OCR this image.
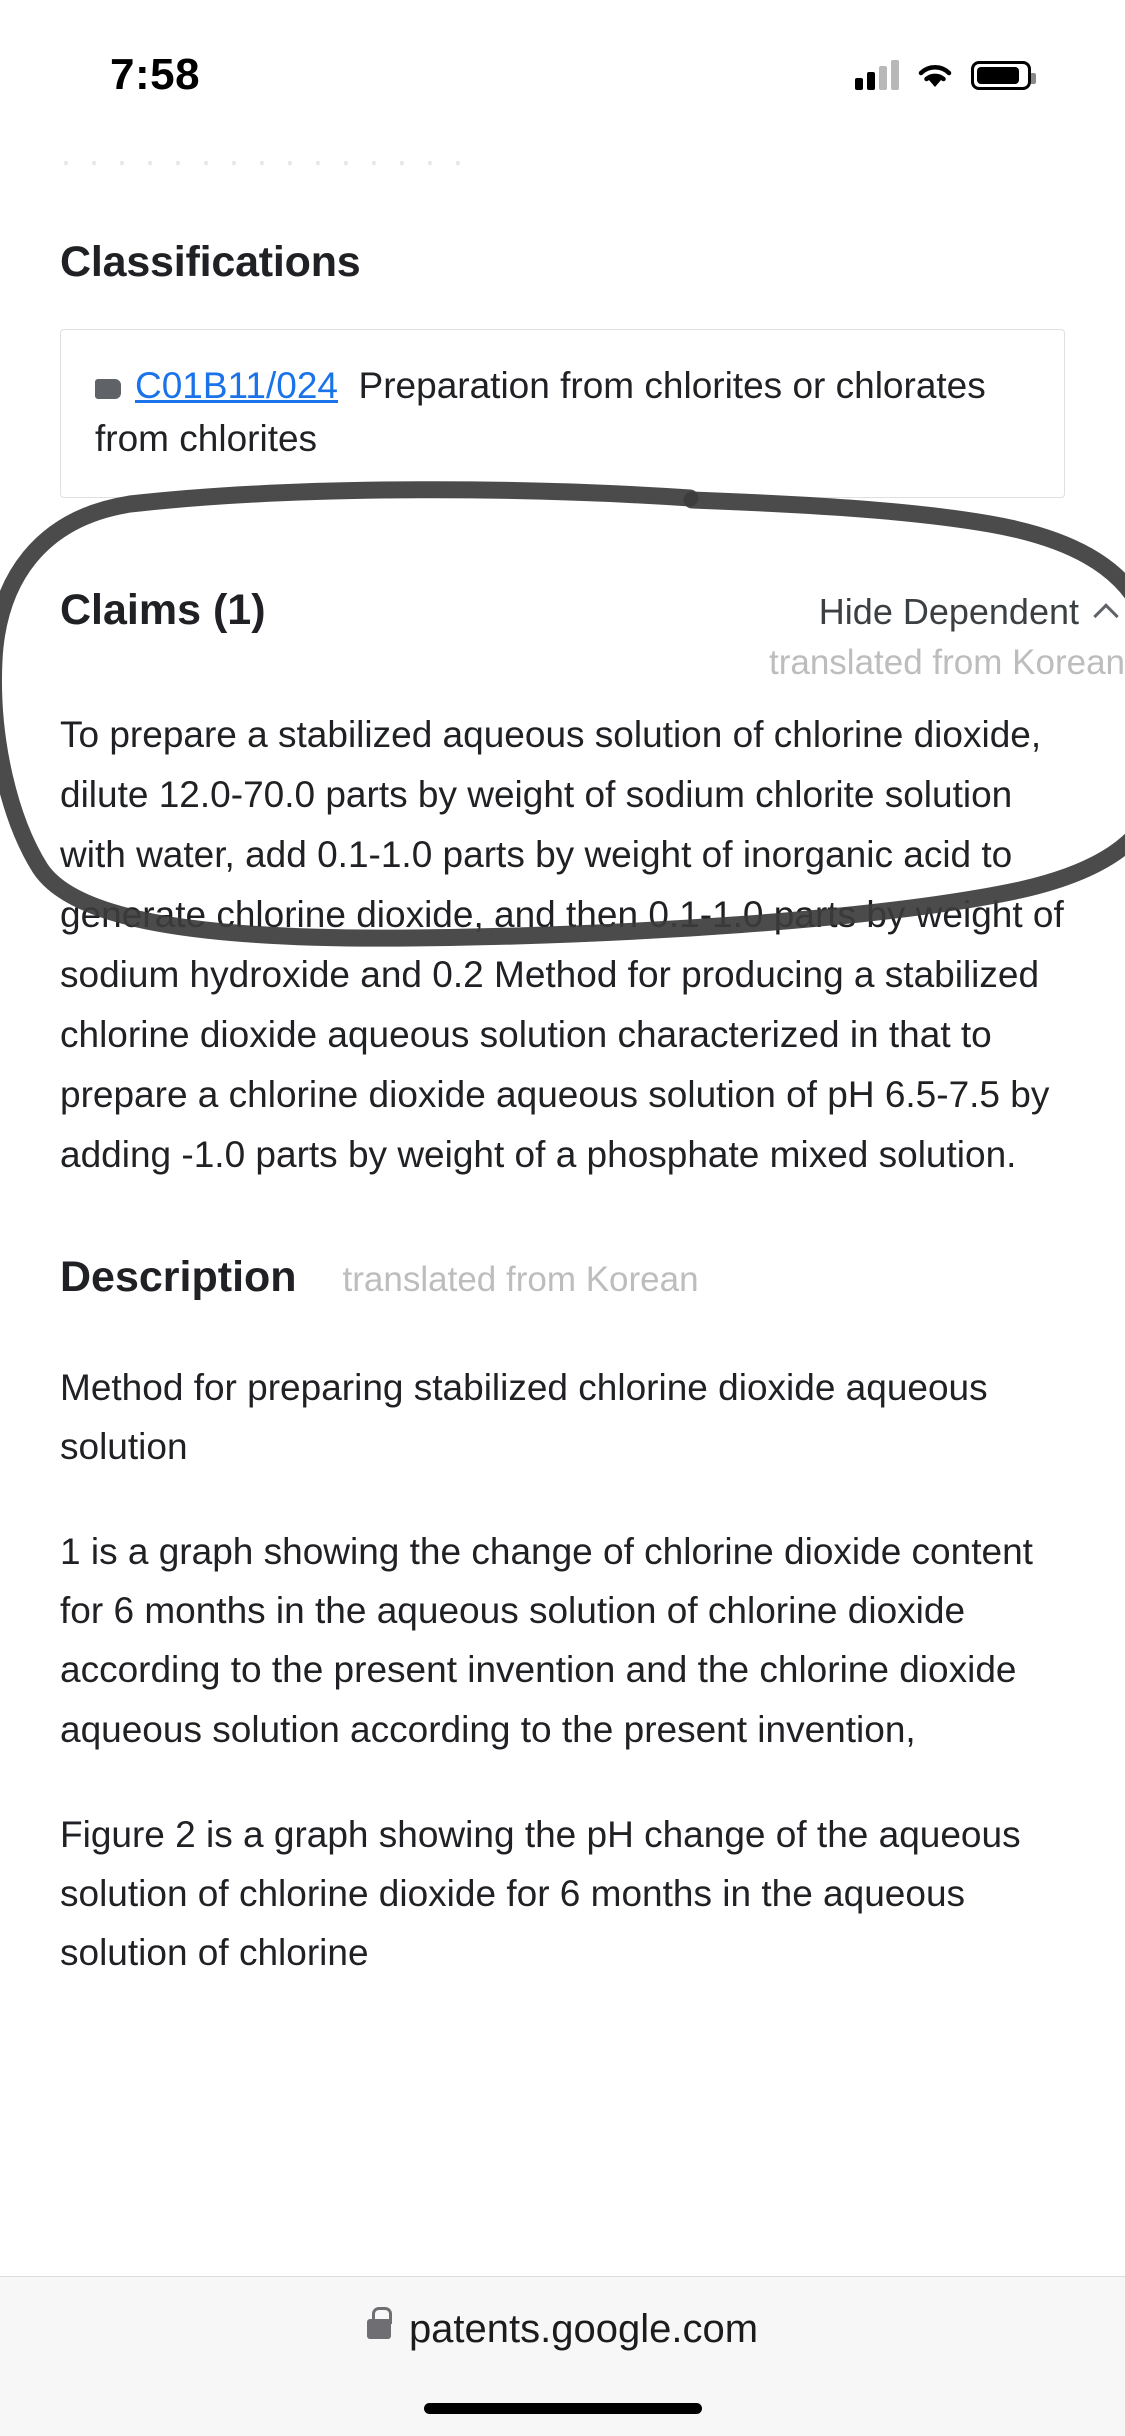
7:58
· · · · · · · · · · · · · · ·
Classifications
C01B11/024 Preparation from chlorites or chlorates from chlorites
Claims (1)	Hide Dependent
translated from Korean
To prepare a stabilized aqueous solution of chlorine dioxide, dilute 12.0-70.0 parts by weight of sodium chlorite solution with water, add 0.1-1.0 parts by weight of inorganic acid to generate chlorine dioxide, and then 0.1-1.0 parts by weight of sodium hydroxide and 0.2 Method for producing a stabilized chlorine dioxide aqueous solution characterized in that to prepare a chlorine dioxide aqueous solution of pH 6.5-7.5 by adding -1.0 parts by weight of a phosphate mixed solution.
Description translated from Korean
Method for preparing stabilized chlorine dioxide aqueous solution
1 is a graph showing the change of chlorine dioxide content for 6 months in the aqueous solution of chlorine dioxide according to the present invention and the chlorine dioxide aqueous solution according to the present invention,
Figure 2 is a graph showing the pH change of the aqueous solution of chlorine dioxide for 6 months in the aqueous solution of chlorine
patents.google.com
